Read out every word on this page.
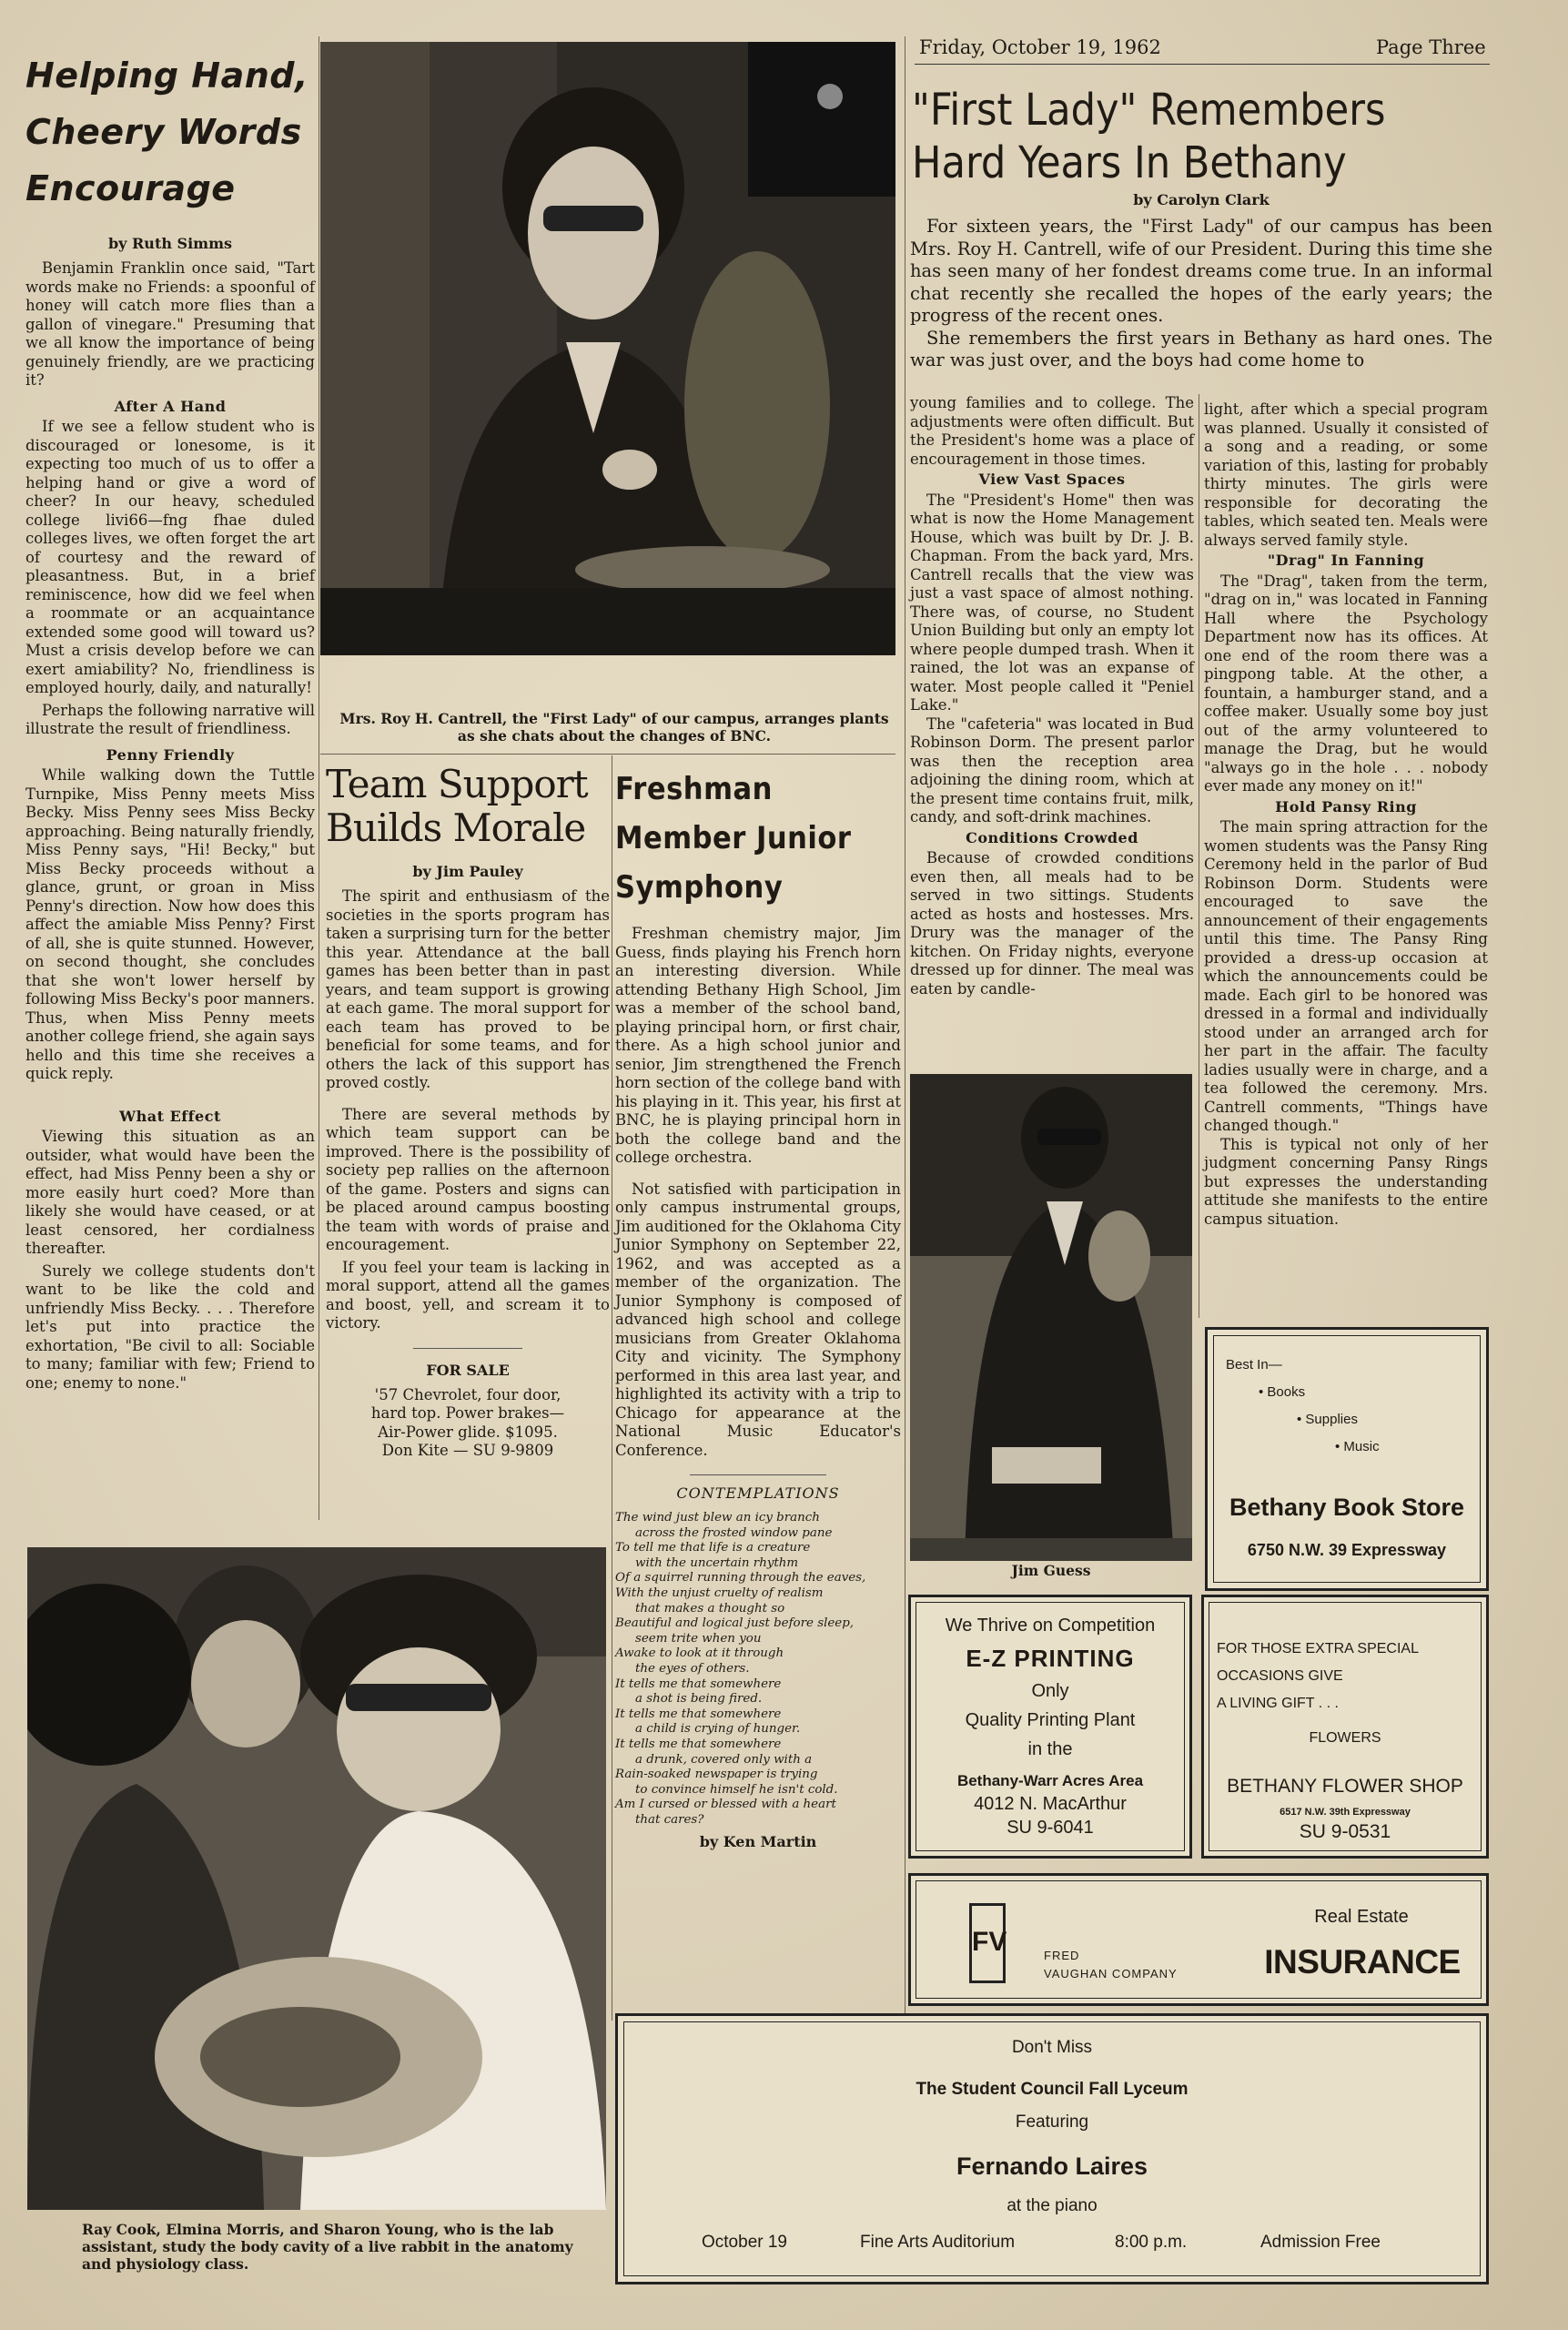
Friday, October 19, 1962	Page Three
Helping Hand, Cheery Words Encourage
by Ruth Simms

Benjamin Franklin once said, "Tart words make no Friends: a spoonful of honey will catch more flies than a gallon of vinegare." Presuming that we all know the importance of being genuinely friendly, are we practicing it?

After A Hand

If we see a fellow student who is discouraged or lonesome, is it expecting too much of us to offer a helping hand or give a word of cheer? In our heavy, scheduled college livi66—fng fhae duled colleges lives, we often forget the art of courtesy and the reward of pleasantness. But, in a brief reminiscence, how did we feel when a roommate or an acquaintance extended some good will toward us? Must a crisis develop before we can exert amiability? No, friendliness is employed hourly, daily, and naturally!

Perhaps the following narrative will illustrate the result of friendliness.

Penny Friendly

While walking down the Tuttle Turnpike, Miss Penny meets Miss Becky. Miss Penny sees Miss Becky approaching. Being naturally friendly, Miss Penny says, "Hi! Becky," but Miss Becky proceeds without a glance, grunt, or groan in Miss Penny's direction. Now how does this affect the amiable Miss Penny? First of all, she is quite stunned. However, on second thought, she concludes that she won't lower herself by following Miss Becky's poor manners. Thus, when Miss Penny meets another college friend, she again says hello and this time she receives a quick reply.

What Effect

Viewing this situation as an outsider, what would have been the effect, had Miss Penny been a shy or more easily hurt coed? More than likely she would have ceased, or at least censored, her cordialness thereafter.

Surely we college students don't want to be like the cold and unfriendly Miss Becky. . . . Therefore let's put into practice the exhortation, "Be civil to all: Sociable to many; familiar with few; Friend to one; enemy to none."

Mrs. Roy H. Cantrell, the "First Lady" of our campus, arranges plants as she chats about the changes of BNC.
Team Support Builds Morale
by Jim Pauley

The spirit and enthusiasm of the societies in the sports program has taken a surprising turn for the better this year. Attendance at the ball games has been better than in past years, and team support is growing at each game. The moral support for each team has proved to be beneficial for some teams, and for others the lack of this support has proved costly.

There are several methods by which team support can be improved. There is the possibility of society pep rallies on the afternoon of the game. Posters and signs can be placed around campus boosting the team with words of praise and encouragement.

If you feel your team is lacking in moral support, attend all the games and boost, yell, and scream it to victory.

FOR SALE
'57 Chevrolet, four door, hard top. Power brakes—Air-Power glide. $1095.
Don Kite — SU 9-9809
Freshman Member Junior Symphony

Freshman chemistry major, Jim Guess, finds playing his French horn an interesting diversion. While attending Bethany High School, Jim was a member of the school band, playing principal horn, or first chair, there. As a high school junior and senior, Jim strengthened the French horn section of the college band with his playing in it. This year, his first at BNC, he is playing principal horn in both the college band and the college orchestra.

Not satisfied with participation in only campus instrumental groups, Jim auditioned for the Oklahoma City Junior Symphony on September 22, 1962, and was accepted as a member of the organization. The Junior Symphony is composed of advanced high school and college musicians from Greater Oklahoma City and vicinity. The Symphony performed in this area last year, and highlighted its activity with a trip to Chicago for appearance at the National Music Educator's Conference.

CONTEMPLATIONS
The wind just blew an icy branch
across the frosted window pane
To tell me that life is a creature
with the uncertain rhythm
Of a squirrel running through the eaves,
With the unjust cruelty of realism
that makes a thought so
Beautiful and logical just before sleep,
seem trite when you
Awake to look at it through
the eyes of others.
It tells me that somewhere
a shot is being fired.
It tells me that somewhere
a child is crying of hunger.
It tells me that somewhere
a drunk, covered only with a
Rain-soaked newspaper is trying
to convince himself he isn't cold.
Am I cursed or blessed with a heart
that cares?
by Ken Martin
"First Lady" Remembers
Hard Years In Bethany
by Carolyn Clark

For sixteen years, the "First Lady" of our campus has been Mrs. Roy H. Cantrell, wife of our President. During this time she has seen many of her fondest dreams come true. In an informal chat recently she recalled the hopes of the early years; the progress of the recent ones.

She remembers the first years in Bethany as hard ones. The war was just over, and the boys had come home to

young families and to college. The adjustments were often difficult. But the President's home was a place of encouragement in those times.
View Vast Spaces

The "President's Home" then was what is now the Home Management House, which was built by Dr. J. B. Chapman. From the back yard, Mrs. Cantrell recalls that the view was just a vast space of almost nothing. There was, of course, no Student Union Building but only an empty lot where people dumped trash. When it rained, the lot was an expanse of water. Most people called it "Peniel Lake."

The "cafeteria" was located in Bud Robinson Dorm. The present parlor was then the reception area adjoining the dining room, which at the present time contains fruit, milk, candy, and soft-drink machines.

Conditions Crowded

Because of crowded conditions even then, all meals had to be served in two sittings. Students acted as hosts and hostesses. Mrs. Drury was the manager of the kitchen. On Friday nights, everyone dressed up for dinner. The meal was eaten by candle-

light, after which a special program was planned. Usually it consisted of a song and a reading, or some variation of this, lasting for probably thirty minutes. The girls were responsible for decorating the tables, which seated ten. Meals were always served family style.
"Drag" In Fanning

The "Drag", taken from the term, "drag on in," was located in Fanning Hall where the Psychology Department now has its offices. At one end of the room there was a pingpong table. At the other, a fountain, a hamburger stand, and a coffee maker. Usually some boy just out of the army volunteered to manage the Drag, but he would "always go in the hole . . . nobody ever made any money on it!"

Hold Pansy Ring

The main spring attraction for the women students was the Pansy Ring Ceremony held in the parlor of Bud Robinson Dorm. Students were encouraged to save the announcement of their engagements until this time. The Pansy Ring provided a dress-up occasion at which the announcements could be made. Each girl to be honored was dressed in a formal and individually stood under an arranged arch for her part in the affair. The faculty ladies usually were in charge, and a tea followed the ceremony. Mrs. Cantrell comments, "Things have changed though."

This is typical not only of her judgment concerning Pansy Rings but expresses the understanding attitude she manifests to the entire campus situation.

Jim Guess
Ray Cook, Elmina Morris, and Sharon Young, who is the lab assistant, study the body cavity of a live rabbit in the anatomy and physiology class.
Best In—
• Books
• Supplies
• Music
Bethany Book Store
6750 N.W. 39 Expressway
We Thrive on Competition
E-Z PRINTING
Only
Quality Printing Plant
in the
Bethany-Warr Acres Area
4012 N. MacArthur
SU 9-6041
FOR THOSE EXTRA SPECIAL
OCCASIONS GIVE
A LIVING GIFT . . .
FLOWERS
BETHANY FLOWER SHOP
6517 N.W. 39th Expressway
SU 9-0531
FV	FRED
VAUGHAN COMPANY
Real Estate
INSURANCE
Don't Miss
The Student Council Fall Lyceum
Featuring
Fernando Laires
at the piano
October 19	Fine Arts Auditorium	8:00 p.m.	Admission Free
